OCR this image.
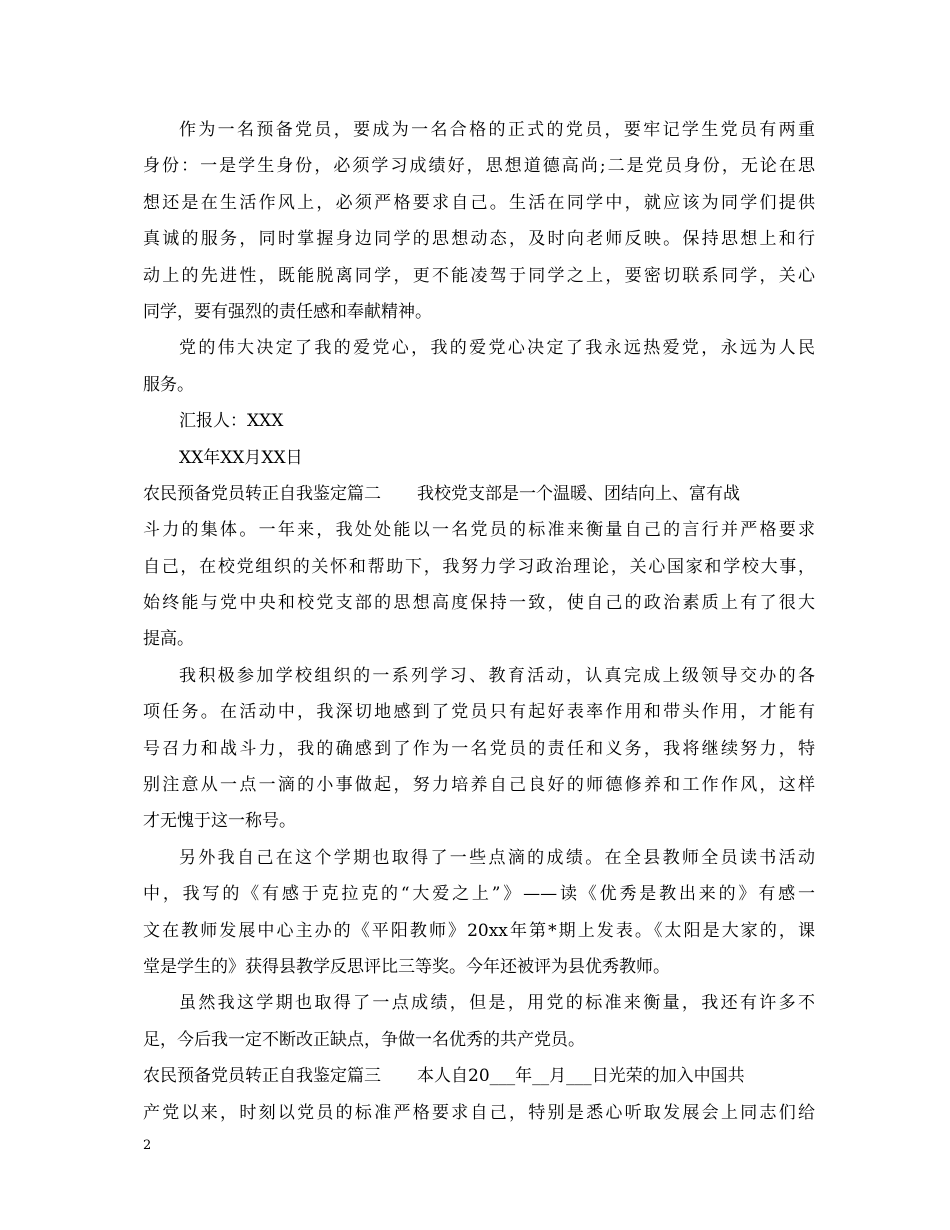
作为一名预备党员，要成为一名合格的正式的党员，要牢记学生党员有两重
身份：一是学生身份，必须学习成绩好，思想道德高尚;二是党员身份，无论在思
想还是在生活作风上，必须严格要求自己。生活在同学中，就应该为同学们提供
真诚的服务，同时掌握身边同学的思想动态，及时向老师反映。保持思想上和行
动上的先进性，既能脱离同学，更不能凌驾于同学之上，要密切联系同学，关心
同学，要有强烈的责任感和奉献精神。
党的伟大决定了我的爱党心，我的爱党心决定了我永远热爱党，永远为人民
服务。
汇报人：XXX
XX年XX月XX日
农民预备党员转正自我鉴定篇二 我校党支部是一个温暖、团结向上、富有战
斗力的集体。一年来，我处处能以一名党员的标准来衡量自己的言行并严格要求
自己，在校党组织的关怀和帮助下，我努力学习政治理论，关心国家和学校大事，
始终能与党中央和校党支部的思想高度保持一致，使自己的政治素质上有了很大
提高。
我积极参加学校组织的一系列学习、教育活动，认真完成上级领导交办的各
项任务。在活动中，我深切地感到了党员只有起好表率作用和带头作用，才能有
号召力和战斗力，我的确感到了作为一名党员的责任和义务，我将继续努力，特
别注意从一点一滴的小事做起，努力培养自己良好的师德修养和工作作风，这样
才无愧于这一称号。
另外我自己在这个学期也取得了一些点滴的成绩。在全县教师全员读书活动
中，我写的《有感于克拉克的“大爱之上”》——读《优秀是教出来的》有感一
文在教师发展中心主办的《平阳教师》20xx年第*期上发表。《太阳是大家的，课
堂是学生的》获得县教学反思评比三等奖。今年还被评为县优秀教师。
虽然我这学期也取得了一点成绩，但是，用党的标准来衡量，我还有许多不
足，今后我一定不断改正缺点，争做一名优秀的共产党员。
农民预备党员转正自我鉴定篇三 本人自20___年__月___日光荣的加入中国共
产党以来，时刻以党员的标准严格要求自己，特别是悉心听取发展会上同志们给
2
